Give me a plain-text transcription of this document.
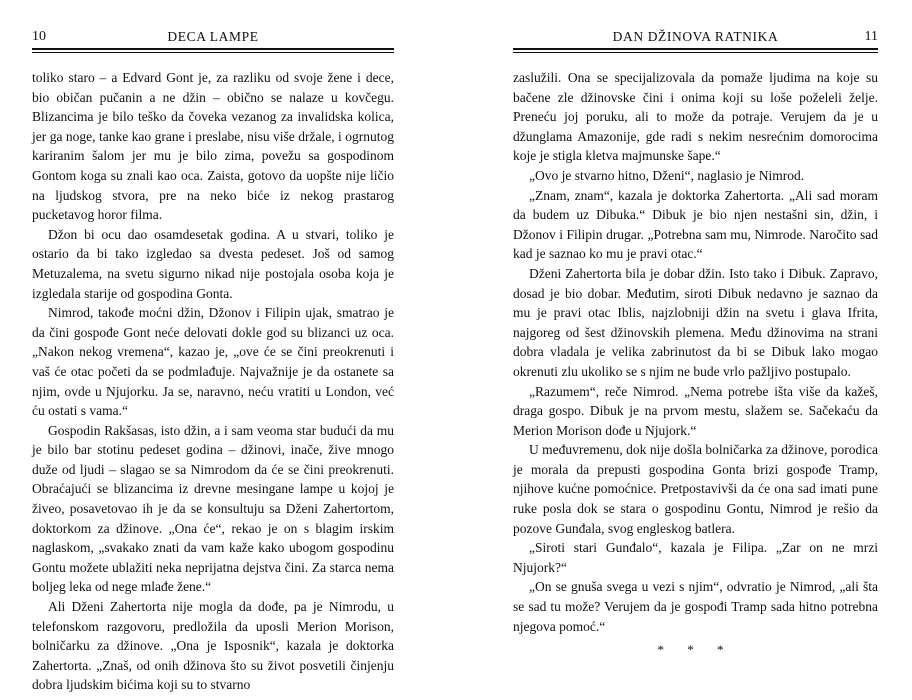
10	DECA LAMPE

toliko staro – a Edvard Gont je, za razliku od svoje žene i dece, bio običan pučanin a ne džin – obično se nalaze u kovčegu. Blizancima je bilo teško da čoveka vezanog za invalidska kolica, jer ga noge, tanke kao grane i preslabe, nisu više držale, i ogrnutog kariranim šalom jer mu je bilo zima, povežu sa gospodinom Gontom koga su znali kao oca. Zaista, gotovo da uopšte nije ličio na ljudskog stvora, pre na neko biće iz nekog prastarog pucketavog horor filma.

Džon bi ocu dao osamdesetak godina. A u stvari, toliko je ostario da bi tako izgledao sa dvesta pedeset. Još od samog Metuzalema, na svetu sigurno nikad nije postojala osoba koja je izgledala starije od gospodina Gonta.

Nimrod, takođe moćni džin, Džonov i Filipin ujak, smatrao je da čini gospođe Gont neće delovati dokle god su blizanci uz oca. „Nakon nekog vremena“, kazao je, „ove će se čini preokrenuti i vaš će otac početi da se podmlađuje. Najvažnije je da ostanete sa njim, ovde u Njujorku. Ja se, naravno, neću vratiti u London, već ću ostati s vama.“

Gospodin Rakšasas, isto džin, a i sam veoma star budući da mu je bilo bar stotinu pedeset godina – džinovi, inače, žive mnogo duže od ljudi – slagao se sa Nimrodom da će se čini preokrenuti. Obraćajući se blizancima iz drevne mesingane lampe u kojoj je živeo, posavetovao ih je da se konsultuju sa Dženi Zahertortom, doktorkom za džinove. „Ona će“, rekao je on s blagim irskim naglaskom, „svakako znati da vam kaže kako ubogom gospodinu Gontu možete ublažiti neka neprijatna dejstva čini. Za starca nema boljeg leka od nege mlađe žene.“

Ali Dženi Zahertorta nije mogla da dođe, pa je Nimrodu, u telefonskom razgovoru, predložila da uposli Merion Morison, bolničarku za džinove. „Ona je Isposnik“, kazala je doktorka Zahertorta. „Znaš, od onih džinova što su život posvetili činjenju dobra ljudskim bićima koji su to stvarno

DAN DŽINOVA RATNIKA	11

zaslužili. Ona se specijalizovala da pomaže ljudima na koje su bačene zle džinovske čini i onima koji su loše poželeli želje. Preneću joj poruku, ali to može da potraje. Verujem da je u džunglama Amazonije, gde radi s nekim nesrećnim domorocima koje je stigla kletva majmunske šape.“

„Ovo je stvarno hitno, Dženi“, naglasio je Nimrod.

„Znam, znam“, kazala je doktorka Zahertorta. „Ali sad moram da budem uz Dibuka.“ Dibuk je bio njen nestašni sin, džin, i Džonov i Filipin drugar. „Potrebna sam mu, Nimrode. Naročito sad kad je saznao ko mu je pravi otac.“

Dženi Zahertorta bila je dobar džin. Isto tako i Dibuk. Zapravo, dosad je bio dobar. Međutim, siroti Dibuk nedavno je saznao da mu je pravi otac Iblis, najzlobniji džin na svetu i glava Ifrita, najgoreg od šest džinovskih plemena. Među džinovima na strani dobra vladala je velika zabrinutost da bi se Dibuk lako mogao okrenuti zlu ukoliko se s njim ne bude vrlo pažljivo postupalo.

„Razumem“, reče Nimrod. „Nema potrebe išta više da kažeš, draga gospo. Dibuk je na prvom mestu, slažem se. Sačekaću da Merion Morison dođe u Njujork.“

U međuvremenu, dok nije došla bolničarka za džinove, porodica je morala da prepusti gospodina Gonta brizi gospođe Tramp, njihove kućne pomoćnice. Pretpostavivši da će ona sad imati pune ruke posla dok se stara o gospodinu Gontu, Nimrod je rešio da pozove Gunđala, svog engleskog batlera.

„Siroti stari Gunđalo“, kazala je Filipa. „Zar on ne mrzi Njujork?“

„On se gnuša svega u vezi s njim“, odvratio je Nimrod, „ali šta se sad tu može? Verujem da je gospođi Tramp sada hitno potrebna njegova pomoć.“

* * *
